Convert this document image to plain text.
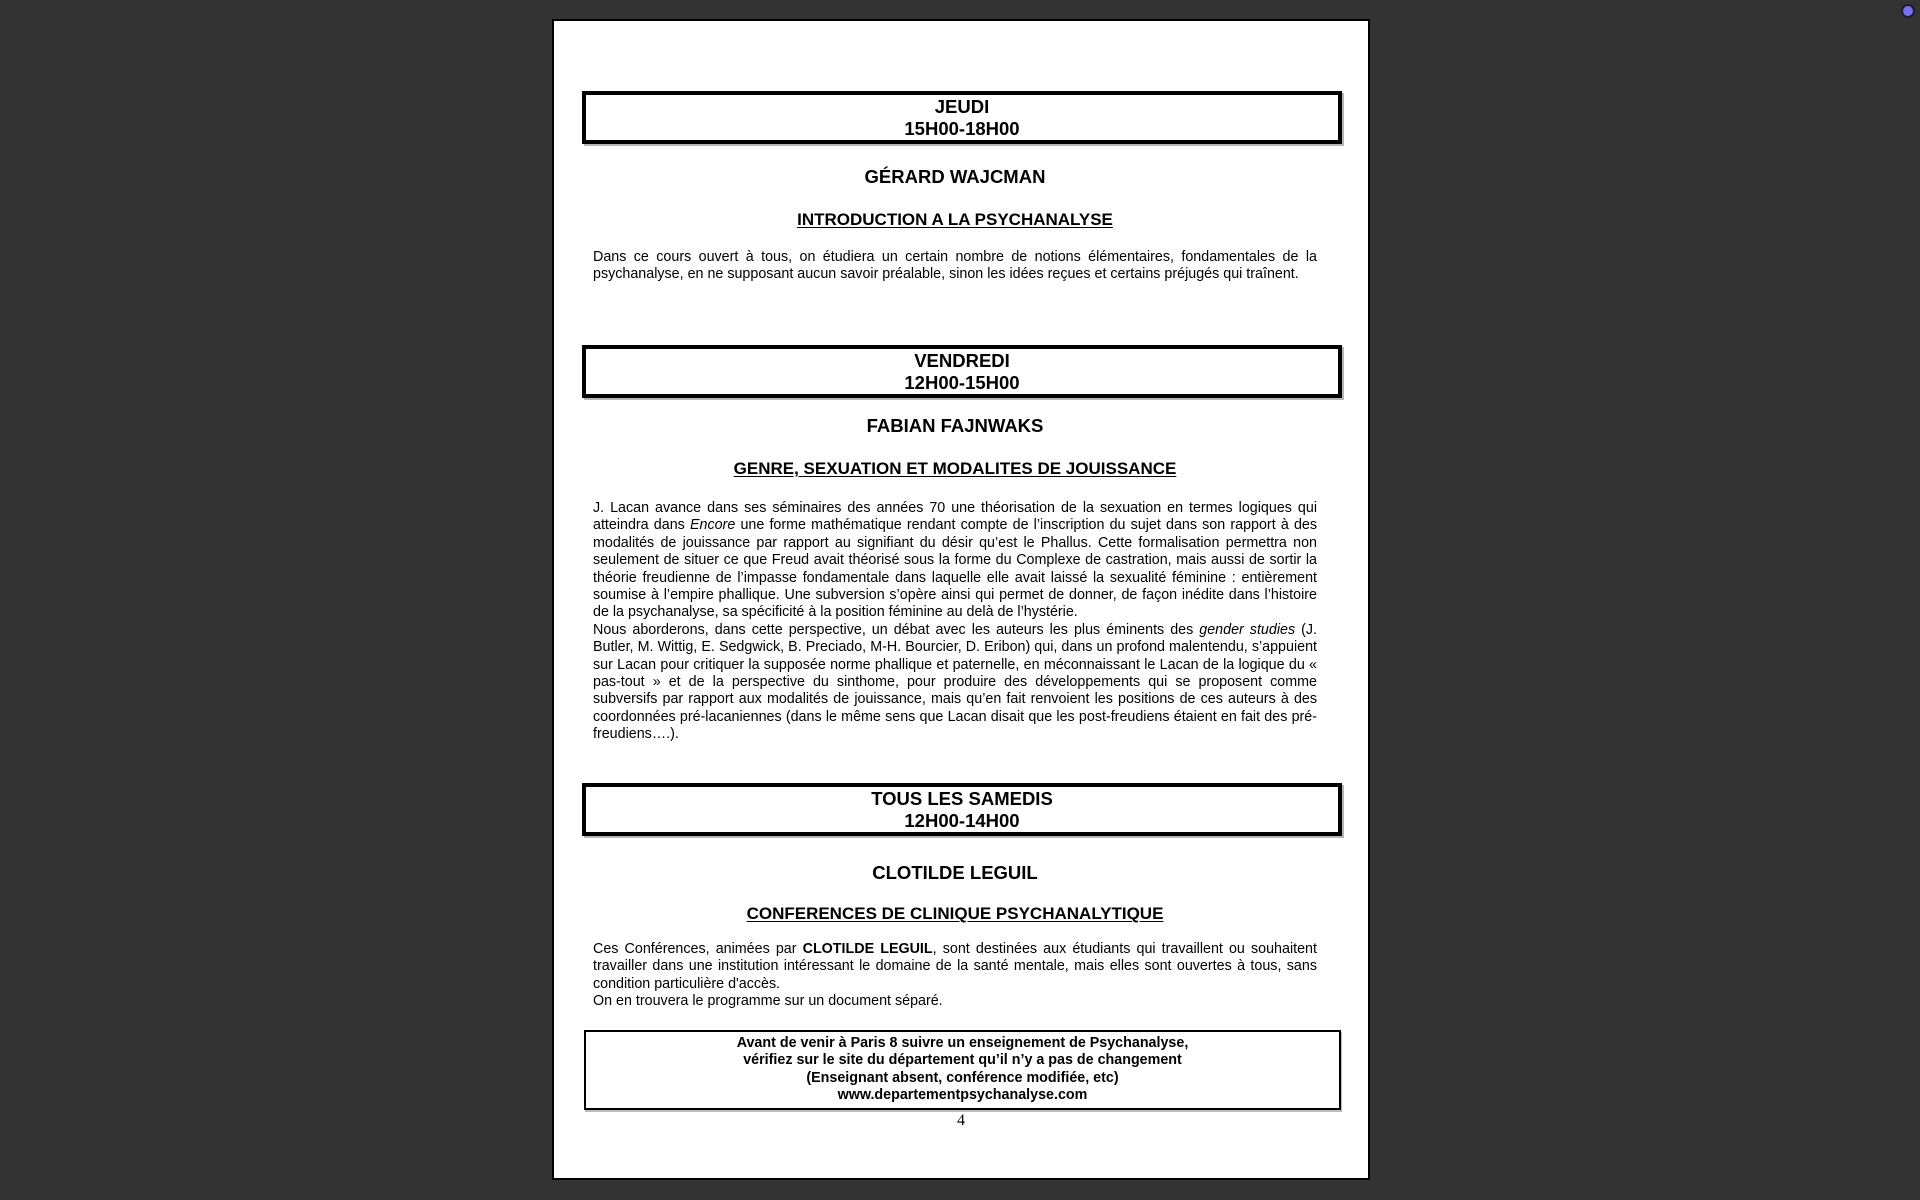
JEUDI
15H00-18H00
GÉRARD WAJCMAN
INTRODUCTION A LA PSYCHANALYSE

Dans ce cours ouvert à tous, on étudiera un certain nombre de notions élémentaires, fondamentales de la psychanalyse, en ne supposant aucun savoir préalable, sinon les idées reçues et certains préjugés qui traînent.

VENDREDI
12H00-15H00
FABIAN FAJNWAKS
GENRE, SEXUATION ET MODALITES DE JOUISSANCE

J. Lacan avance dans ses séminaires des années 70 une théorisation de la sexuation en termes logiques qui atteindra dans Encore une forme mathématique rendant compte de l’inscription du sujet dans son rapport à des modalités de jouissance par rapport au signifiant du désir qu’est le Phallus. Cette formalisation permettra non seulement de situer ce que Freud avait théorisé sous la forme du Complexe de castration, mais aussi de sortir la théorie freudienne de l’impasse fondamentale dans laquelle elle avait laissé la sexualité féminine : entièrement soumise à l’empire phallique. Une subversion s’opère ainsi qui permet de donner, de façon inédite dans l’histoire de la psychanalyse, sa spécificité à la position féminine au delà de l’hystérie.
Nous aborderons, dans cette perspective, un débat avec les auteurs les plus éminents des gender studies (J. Butler, M. Wittig, E. Sedgwick, B. Preciado, M-H. Bourcier, D. Eribon) qui, dans un profond malentendu, s’appuient sur Lacan pour critiquer la supposée norme phallique et paternelle, en méconnaissant le Lacan de la logique du « pas-tout » et de la perspective du sinthome, pour produire des développements qui se proposent comme subversifs par rapport aux modalités de jouissance, mais qu’en fait renvoient les positions de ces auteurs à des coordonnées pré-lacaniennes (dans le même sens que Lacan disait que les post-freudiens étaient en fait des pré-freudiens….).

TOUS LES SAMEDIS
12H00-14H00
CLOTILDE LEGUIL
CONFERENCES DE CLINIQUE PSYCHANALYTIQUE

Ces Conférences, animées par CLOTILDE LEGUIL, sont destinées aux étudiants qui travaillent ou souhaitent travailler dans une institution intéressant le domaine de la santé mentale, mais elles sont ouvertes à tous, sans condition particulière d'accès.
On en trouvera le programme sur un document séparé.

Avant de venir à Paris 8 suivre un enseignement de Psychanalyse,
vérifiez sur le site du département qu’il n’y a pas de changement
(Enseignant absent, conférence modifiée, etc)
www.departementpsychanalyse.com
4
